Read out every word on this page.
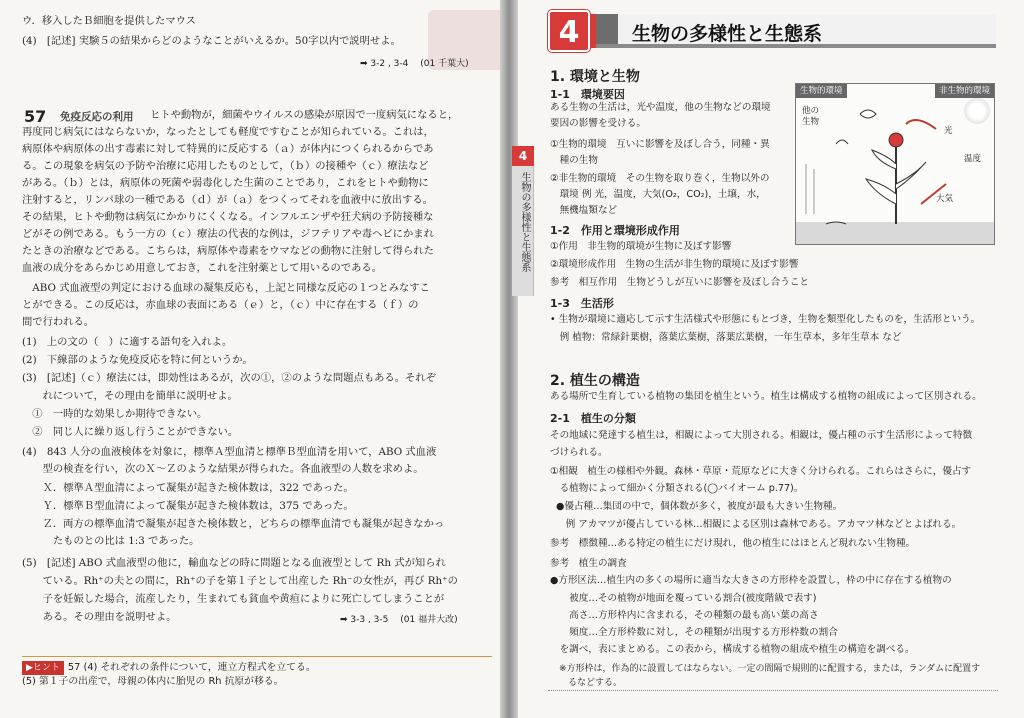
ウ．移入したＢ細胞を提供したマウス
(4)　[記述] 実験５の結果からどのようなことがいえるか。50字以内で説明せよ。
➡ 3-2 , 3-4 　(01 千葉大)
57 免疫反応の利用 ヒトや動物が，細菌やウイルスの感染が原因で一度病気になると，
再度同じ病気にはならないか，なったとしても軽度ですむことが知られている。これは，
病原体や病原体の出す毒素に対して特異的に反応する（ａ）が体内につくられるからであ
る。この現象を病気の予防や治療に応用したものとして，（ｂ）の接種や（ｃ）療法など
がある。（ｂ）とは，病原体の死菌や弱毒化した生菌のことであり，これをヒトや動物に
注射すると，リンパ球の一種である（ｄ）が（ａ）をつくってそれを血液中に放出する。
その結果，ヒトや動物は病気にかかりにくくなる。インフルエンザや狂犬病の予防接種な
どがその例である。もう一方の（ｃ）療法の代表的な例は，ジフテリアや毒ヘビにかまれ
たときの治療などである。こちらは，病原体や毒素をウマなどの動物に注射して得られた
血液の成分をあらかじめ用意しておき，これを注射薬として用いるのである。
　ABO 式血液型の判定における血球の凝集反応も，上記と同様な反応の１つとみなすこ
とができる。この反応は，赤血球の表面にある（ｅ）と，（ｃ）中に存在する（ｆ）の
間で行われる。
(1)　上の文の（　）に適する語句を入れよ。
(2)　下線部のような免疫反応を特に何というか。
(3)　[記述]（ｃ）療法には，即効性はあるが，次の①，②のような問題点もある。それぞ
　　れについて，その理由を簡単に説明せよ。
　①　一時的な効果しか期待できない。
　②　同じ人に繰り返し行うことができない。
(4)　843 人分の血液検体を対象に，標準Ａ型血清と標準Ｂ型血清を用いて，ABO 式血液
　　型の検査を行い，次のＸ〜Ｚのような結果が得られた。各血液型の人数を求めよ。
　　Ｘ．標準Ａ型血清によって凝集が起きた検体数は，322 であった。
　　Ｙ．標準Ｂ型血清によって凝集が起きた検体数は，375 であった。
　　Ｚ．両方の標準血清で凝集が起きた検体数と，どちらの標準血清でも凝集が起きなかっ
　　　たものとの比は 1:3 であった。
(5)　[記述] ABO 式血液型の他に，輸血などの時に問題となる血液型として Rh 式が知られ
　　ている。Rh⁺の夫との間に，Rh⁺の子を第１子として出産した Rh⁻の女性が，再び Rh⁺の
　　子を妊娠した場合，流産したり，生まれても貧血や黄疸によりに死亡してしまうことが
　　ある。その理由を説明せよ。	➡ 3-3 , 3-5 　(01 福井大改)
▶ヒント 57 (4) それぞれの条件について，連立方程式を立てる。
(5) 第１子の出産で，母親の体内に胎児の Rh 抗原が移る。
4	生物の多様性と生態系
4
生物の多様性と生態系
1. 環境と生物
1-1　環境要因
ある生物の生活は，光や温度，他の生物などの環境
要因の影響を受ける。
①生物的環境　互いに影響を及ぼし合う，同種・異
　種の生物
②非生物的環境　その生物を取り巻く，生物以外の
　環境 例 光，温度，大気(O₂，CO₂)，土壌，水，
　無機塩類など
生物的環境	非生物的環境
他の
生物
光
温度
大気
1-2　作用と環境形成作用
①作用　非生物的環境が生物に及ぼす影響
②環境形成作用　生物の生活が非生物的環境に及ぼす影響
参考　相互作用　生物どうしが互いに影響を及ぼし合うこと
1-3　生活形
• 生物が環境に適応して示す生活様式や形態にもとづき，生物を類型化したものを，生活形という。
　例 植物：常緑針葉樹，落葉広葉樹，落葉広葉樹，一年生草本，多年生草本 など
2. 植生の構造
ある場所で生育している植物の集団を植生という。植生は構成する植物の組成によって区別される。
2-1　植生の分類
その地域に発達する植生は，相観によって大別される。相観は，優占種の示す生活形によって特徴
づけられる。
①相観　植生の様相や外観。森林・草原・荒原などに大きく分けられる。これらはさらに，優占す
　る植物によって細かく分類される(◯バイオーム p.77)。
●優占種…集団の中で，個体数が多く，被度が最も大きい生物種。
　例 アカマツが優占している林…相観による区別は森林である。アカマツ林などとよばれる。
参考　標徴種…ある特定の植生にだけ現れ，他の植生にはほとんど現れない生物種。
参考　植生の調査
●方形区法…植生内の多くの場所に適当な大きさの方形枠を設置し，枠の中に存在する植物の
　　被度…その植物が地面を覆っている割合(被度階級で表す)
　　高さ…方形枠内に含まれる，その種類の最も高い葉の高さ
　　頻度…全方形枠数に対し，その種類が出現する方形枠数の割合
　を調べ，表にまとめる。この表から，構成する植物の組成や植生の構造を調べる。
　※方形枠は，作為的に設置してはならない。一定の間隔で規則的に配置する，または，ランダムに配置す
　　るなどする。
